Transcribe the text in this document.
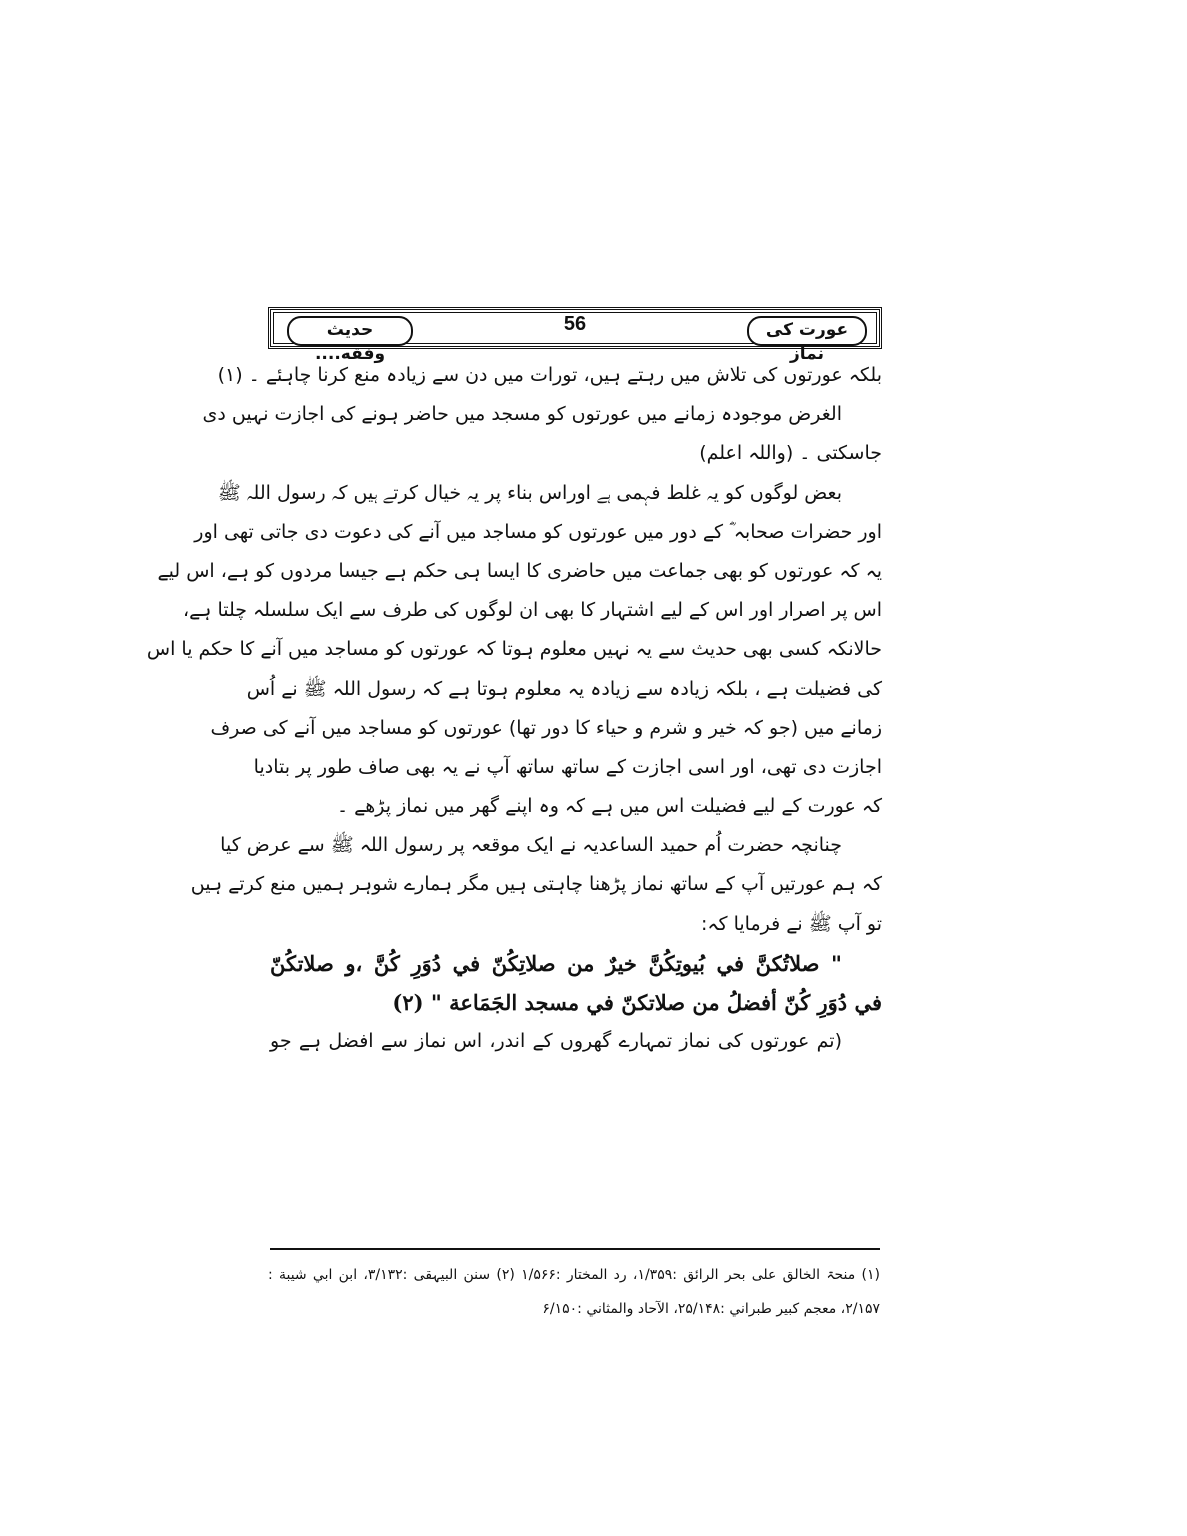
عورت کی نماز
56
حدیث وفقه....
بلکہ عورتوں کی تلاش میں رہتے ہیں، تورات میں دن سے زیادہ منع کرنا چاہئے ۔ (۱)
الغرض موجودہ زمانے میں عورتوں کو مسجد میں حاضر ہونے کی اجازت نہیں دی
جاسکتی ۔ (واللہ اعلم)
بعض لوگوں کو یہ غلط فہمی ہے اوراس بناء پر یہ خیال کرتے ہیں کہ رسول اللہ ﷺ
اور حضرات صحابہ ؓ کے دور میں عورتوں کو مساجد میں آنے کی دعوت دی جاتی تھی اور
یہ کہ عورتوں کو بھی جماعت میں حاضری کا ایسا ہی حکم ہے جیسا مردوں کو ہے، اس لیے
اس پر اصرار اور اس کے لیے اشتہار کا بھی ان لوگوں کی طرف سے ایک سلسلہ چلتا ہے،
حالانکہ کسی بھی حدیث سے یہ نہیں معلوم ہوتا کہ عورتوں کو مساجد میں آنے کا حکم یا اس
کی فضیلت ہے ، بلکہ زیادہ سے زیادہ یہ معلوم ہوتا ہے کہ رسول اللہ ﷺ نے اُس
زمانے میں (جو کہ خیر و شرم و حیاء کا دور تھا) عورتوں کو مساجد میں آنے کی صرف
اجازت دی تھی، اور اسی اجازت کے ساتھ ساتھ آپ نے یہ بھی صاف طور پر بتادیا
کہ عورت کے لیے فضیلت اس میں ہے کہ وہ اپنے گھر میں نماز پڑھے ۔
چنانچہ حضرت اُم حمید الساعدیہ نے ایک موقعہ پر رسول اللہ ﷺ سے عرض کیا
کہ ہم عورتیں آپ کے ساتھ نماز پڑھنا چاہتی ہیں مگر ہمارے شوہر ہمیں منع کرتے ہیں
تو آپ ﷺ نے فرمایا کہ:
" صلاتُكنَّ في بُيوتِكُنَّ خيرٌ من صلاتِكُنّ في دُوَرِ كُنَّ ،و صلاتكُنّ
في دُوَرِ كُنّ أفضلُ من صلاتكنّ في مسجد الجَمَاعة " (۲)
(تم عورتوں کی نماز تمہارے گھروں کے اندر، اس نماز سے افضل ہے جو
(۱) منحۃ الخالق علی بحر الرائق :۱/۳۵۹، رد المختار :۱/۵۶۶ (۲) سنن البیہقی :۳/۱۳۲، ابن ابي شيبة :
۲/۱۵۷، معجم کبیر طبراني :۲۵/۱۴۸، الآحاد والمثاني :۶/۱۵۰
